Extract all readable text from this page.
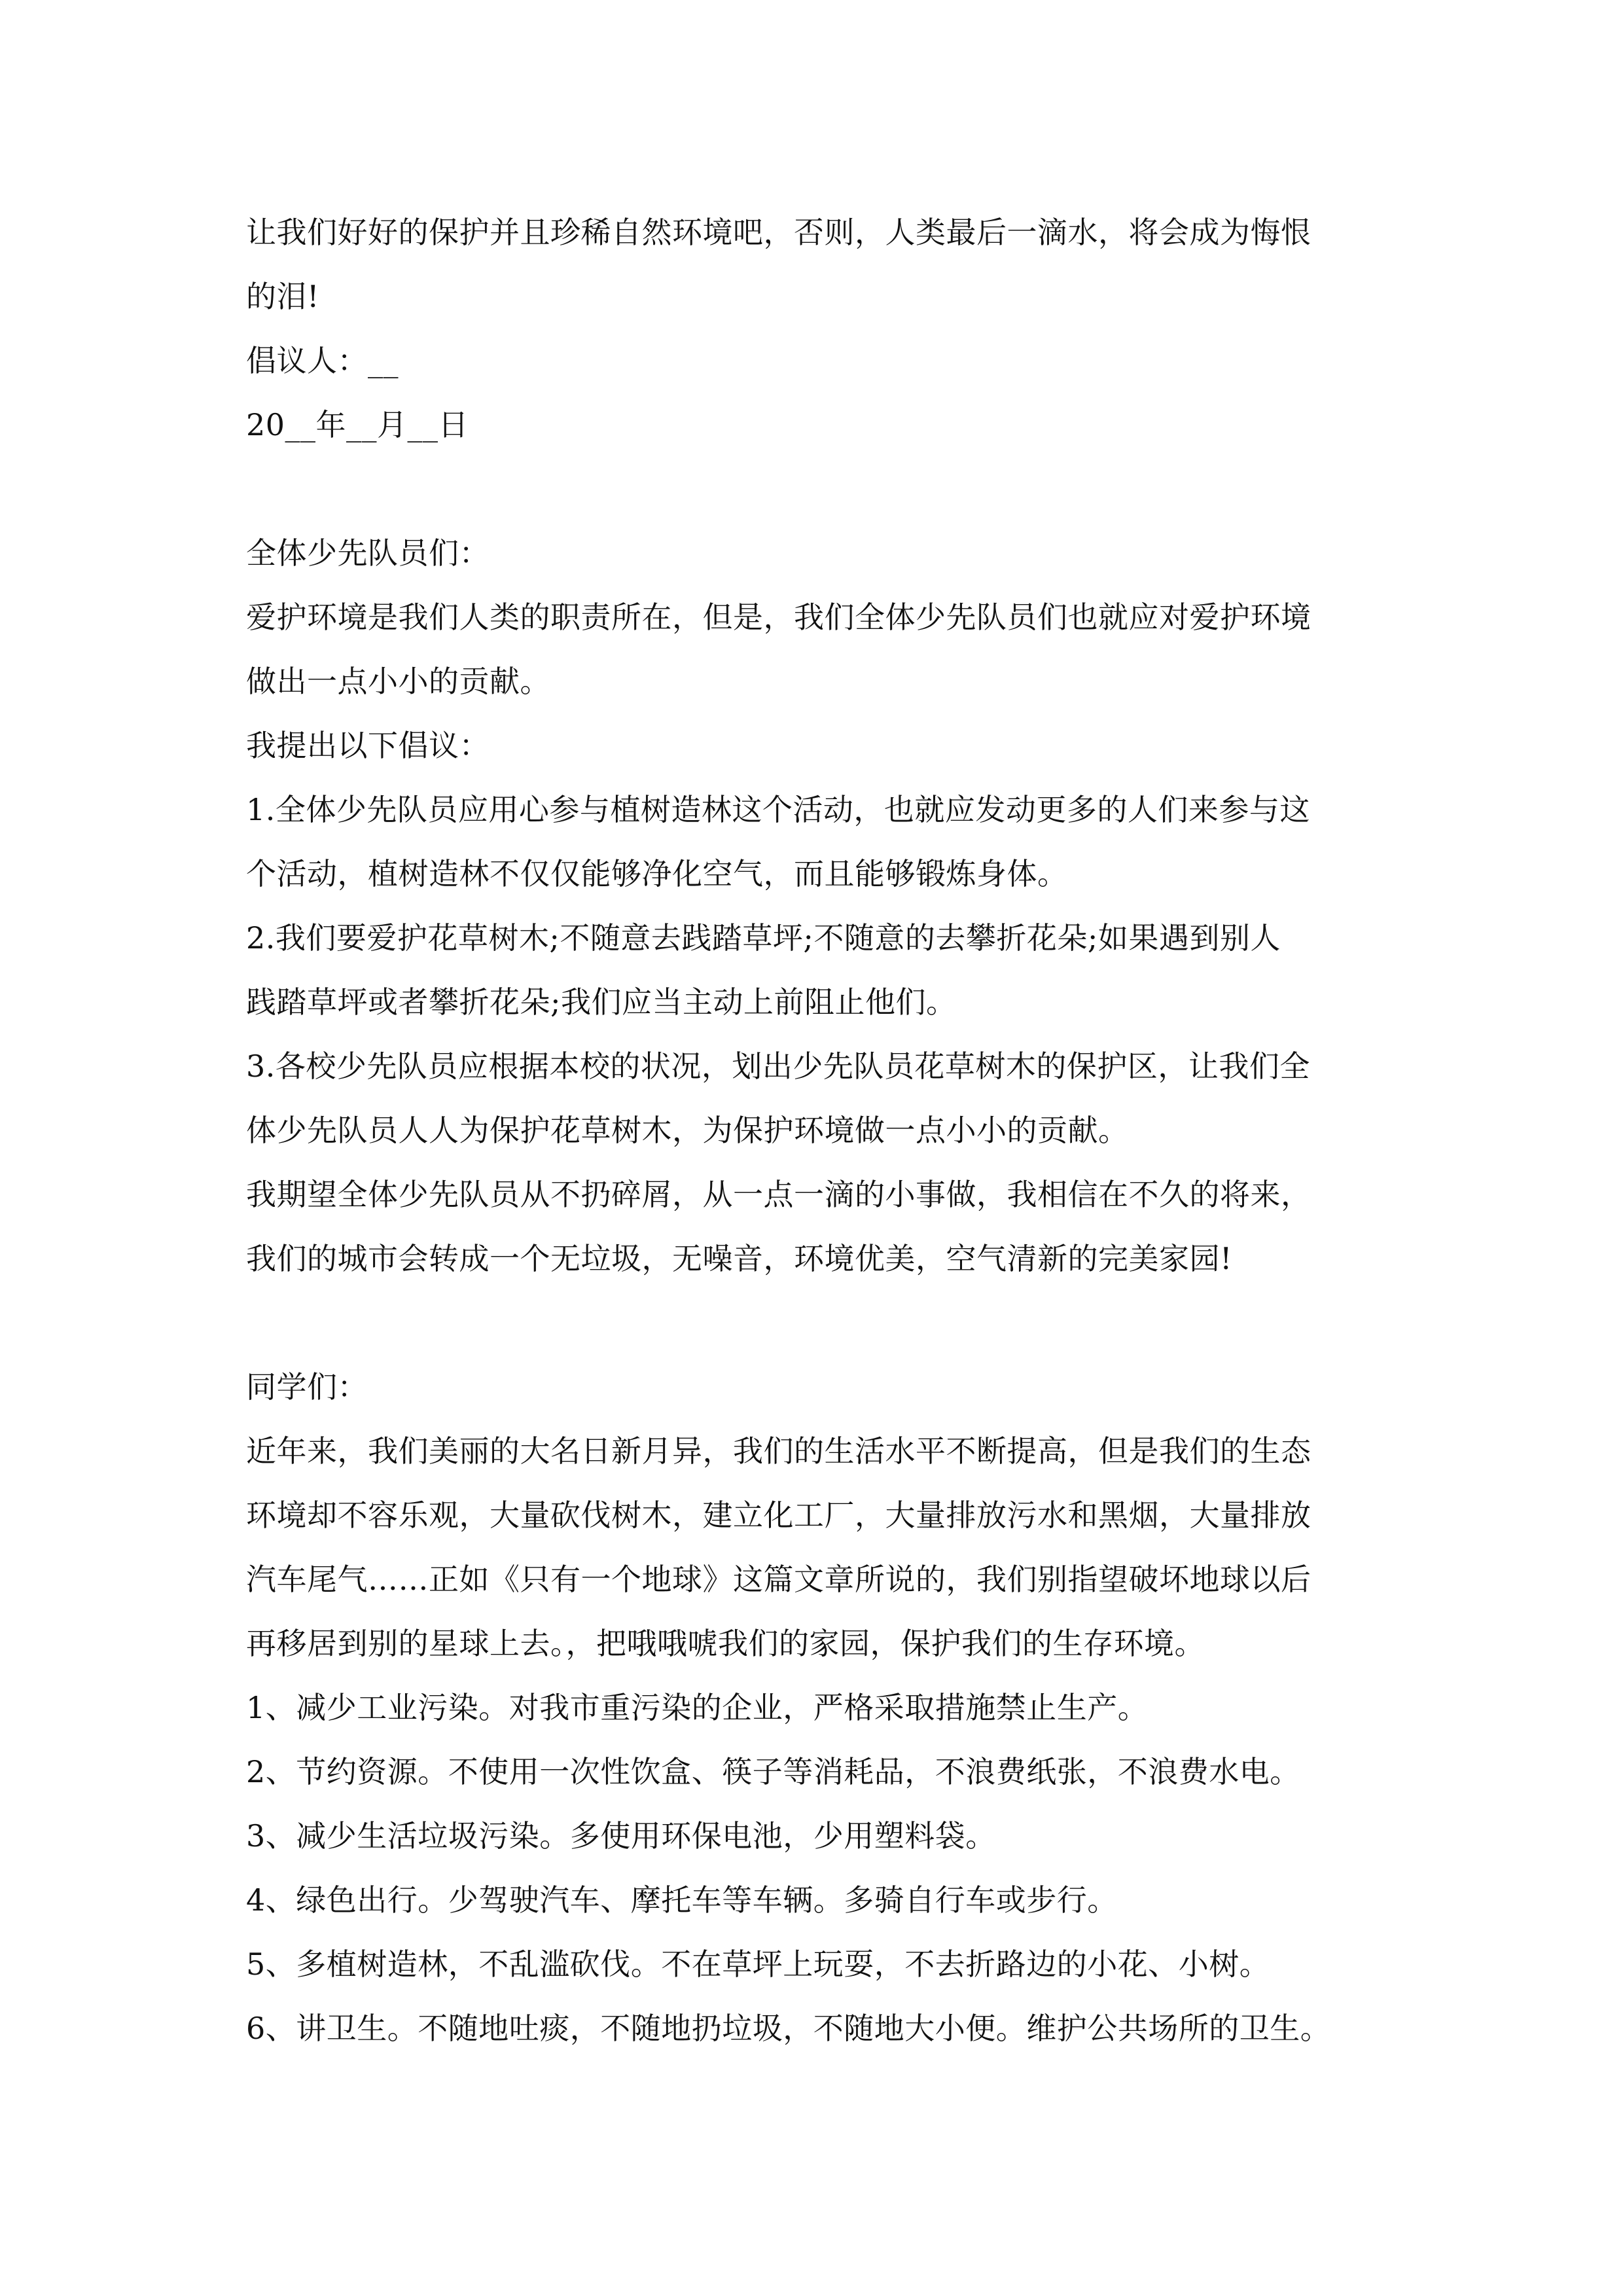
让我们好好的保护并且珍稀自然环境吧，否则，人类最后一滴水，将会成为悔恨
的泪!
倡议人：__
20__年__月__日
全体少先队员们：
爱护环境是我们人类的职责所在，但是，我们全体少先队员们也就应对爱护环境
做出一点小小的贡献。
我提出以下倡议：
1.全体少先队员应用心参与植树造林这个活动，也就应发动更多的人们来参与这
个活动，植树造林不仅仅能够净化空气，而且能够锻炼身体。
2.我们要爱护花草树木;不随意去践踏草坪;不随意的去攀折花朵;如果遇到别人
践踏草坪或者攀折花朵;我们应当主动上前阻止他们。
3.各校少先队员应根据本校的状况，划出少先队员花草树木的保护区，让我们全
体少先队员人人为保护花草树木，为保护环境做一点小小的贡献。
我期望全体少先队员从不扔碎屑，从一点一滴的小事做，我相信在不久的将来，
我们的城市会转成一个无垃圾，无噪音，环境优美，空气清新的完美家园!
同学们：
近年来，我们美丽的大名日新月异，我们的生活水平不断提高，但是我们的生态
环境却不容乐观，大量砍伐树木，建立化工厂，大量排放污水和黑烟，大量排放
汽车尾气……正如《只有一个地球》这篇文章所说的，我们别指望破坏地球以后
再移居到别的星球上去。，把哦哦唬我们的家园，保护我们的生存环境。
1、减少工业污染。对我市重污染的企业，严格采取措施禁止生产。
2、节约资源。不使用一次性饮盒、筷子等消耗品，不浪费纸张，不浪费水电。
3、减少生活垃圾污染。多使用环保电池，少用塑料袋。
4、绿色出行。少驾驶汽车、摩托车等车辆。多骑自行车或步行。
5、多植树造林，不乱滥砍伐。不在草坪上玩耍，不去折路边的小花、小树。
6、讲卫生。不随地吐痰，不随地扔垃圾，不随地大小便。维护公共场所的卫生。
